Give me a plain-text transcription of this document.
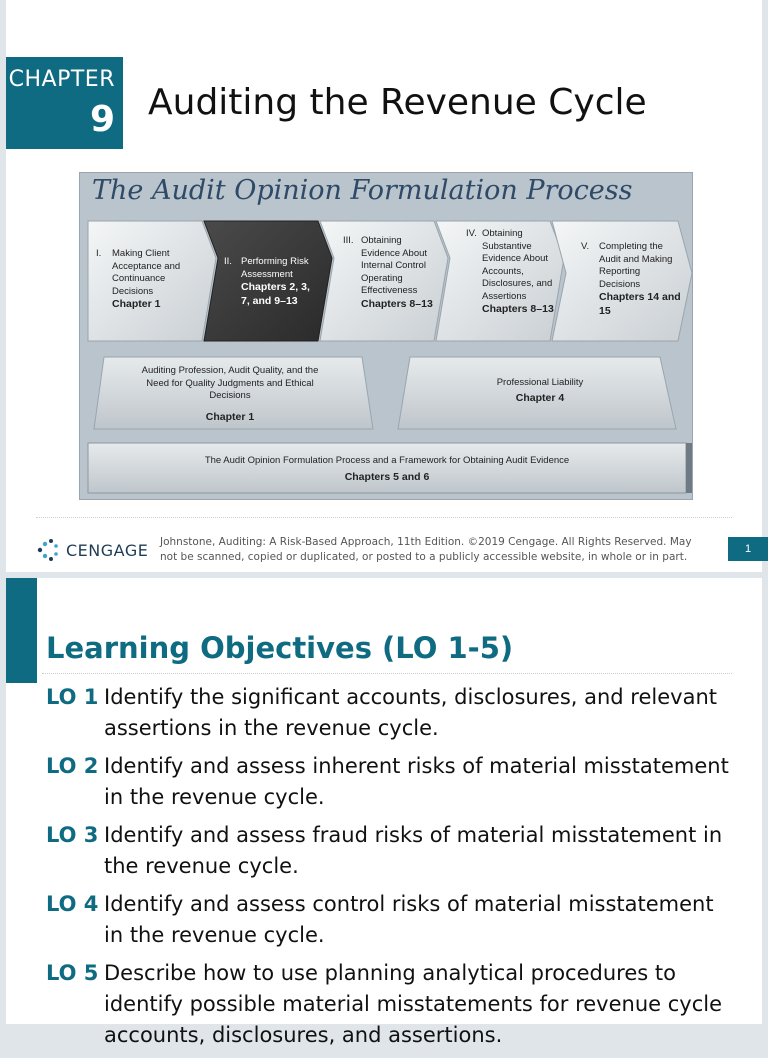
CHAPTER
9 Auditing the Revenue Cycle
The Audit Opinion Formulation Process
I. Making Client Acceptance and Continuance Decisions
Chapter 1
II. Performing Risk Assessment
Chapters 2, 3, 7, and 9–13
III. Obtaining Evidence About Internal Control Operating Effectiveness
Chapters 8–13
IV. Obtaining Substantive Evidence About Accounts, Disclosures, and Assertions
Chapters 8–13
V. Completing the Audit and Making Reporting Decisions
Chapters 14 and 15
Auditing Profession, Audit Quality, and the Need for Quality Judgments and Ethical Decisions
Chapter 1
Professional Liability
Chapter 4
The Audit Opinion Formulation Process and a Framework for Obtaining Audit Evidence
Chapters 5 and 6
CENGAGE Johnstone, Auditing: A Risk-Based Approach, 11th Edition. ©2019 Cengage. All Rights Reserved. May not be scanned, copied or duplicated, or posted to a publicly accessible website, in whole or in part.
1
Learning Objectives (LO 1-5)
LO 1 Identify the significant accounts, disclosures, and relevant assertions in the revenue cycle.
LO 2 Identify and assess inherent risks of material misstatement in the revenue cycle.
LO 3 Identify and assess fraud risks of material misstatement in the revenue cycle.
LO 4 Identify and assess control risks of material misstatement in the revenue cycle.
LO 5 Describe how to use planning analytical procedures to identify possible material misstatements for revenue cycle accounts, disclosures, and assertions.
